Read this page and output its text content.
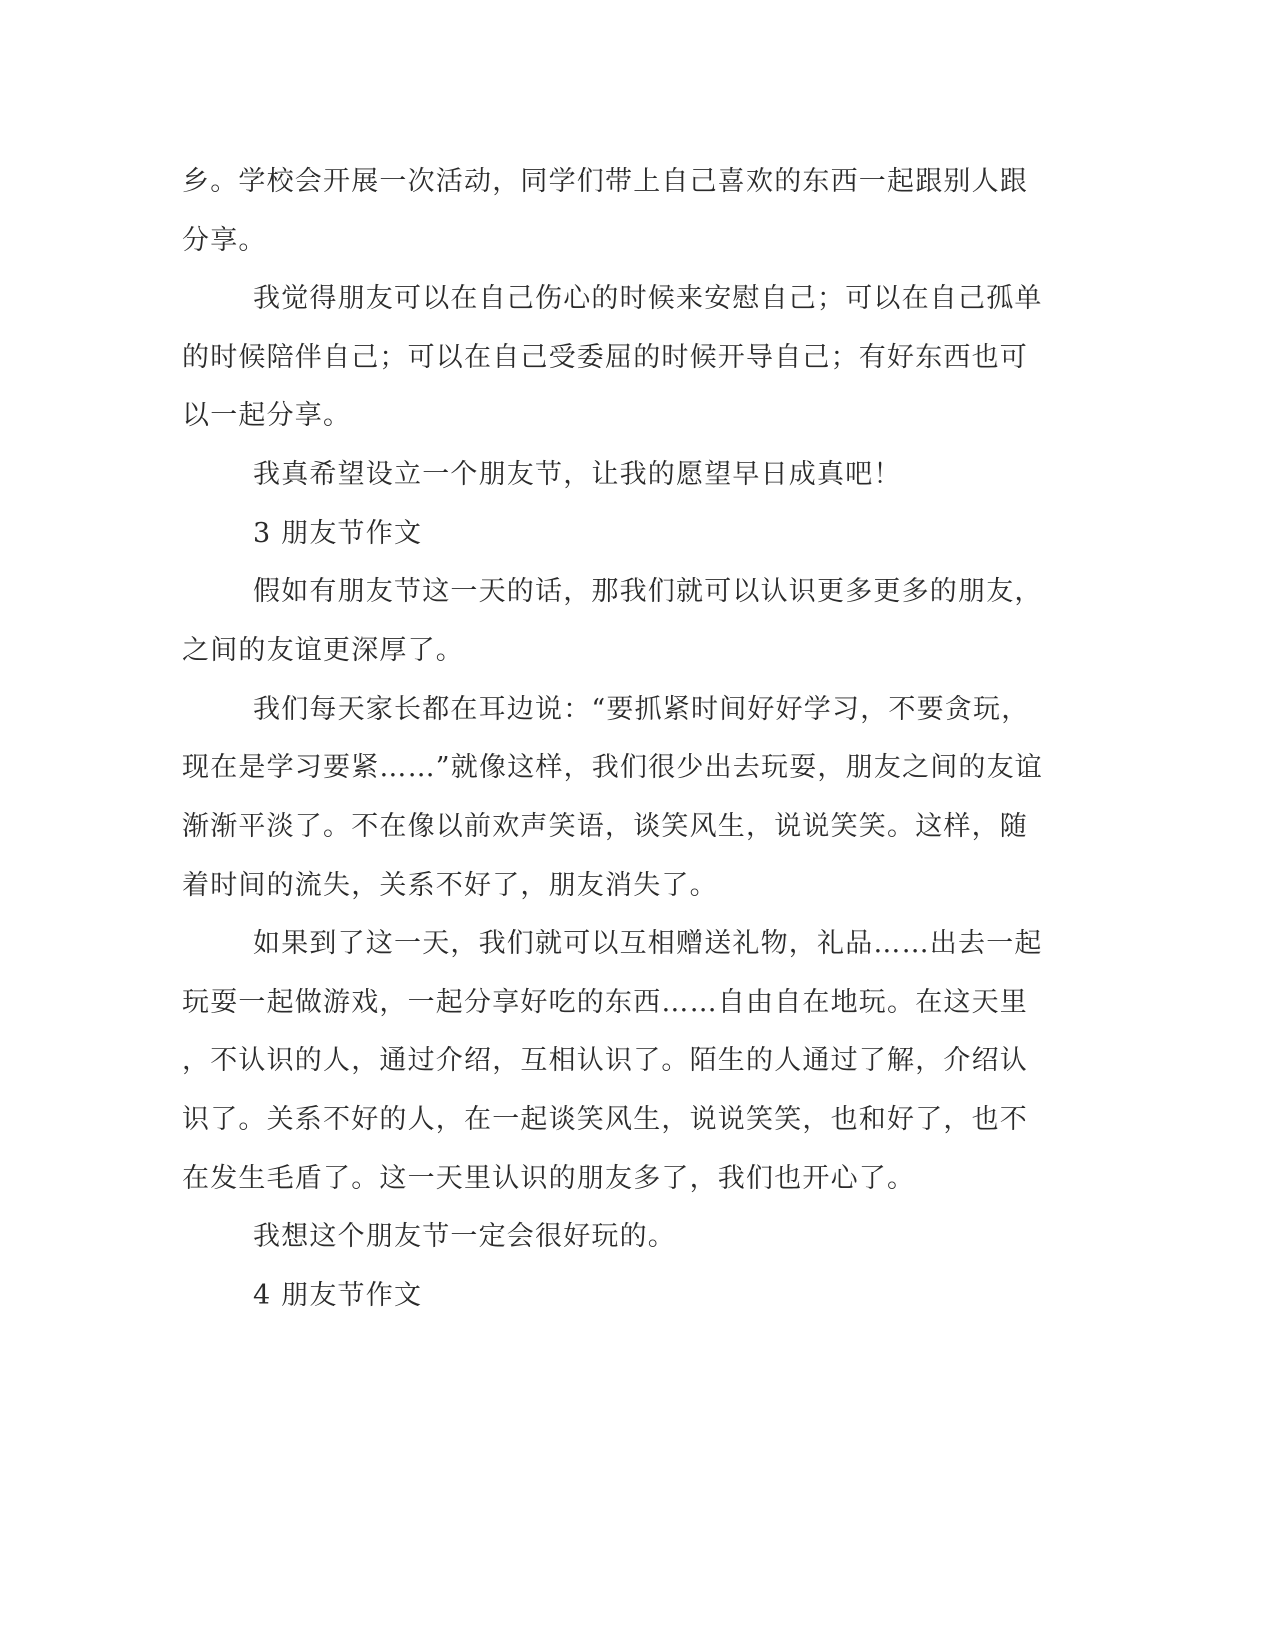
乡。学校会开展一次活动，同学们带上自己喜欢的东西一起跟别人跟
分享。
我觉得朋友可以在自己伤心的时候来安慰自己；可以在自己孤单
的时候陪伴自己；可以在自己受委屈的时候开导自己；有好东西也可
以一起分享。
我真希望设立一个朋友节，让我的愿望早日成真吧！
3 朋友节作文
假如有朋友节这一天的话，那我们就可以认识更多更多的朋友，
之间的友谊更深厚了。
我们每天家长都在耳边说：“要抓紧时间好好学习，不要贪玩，
现在是学习要紧……”就像这样，我们很少出去玩耍，朋友之间的友谊
渐渐平淡了。不在像以前欢声笑语，谈笑风生，说说笑笑。这样，随
着时间的流失，关系不好了，朋友消失了。
如果到了这一天，我们就可以互相赠送礼物，礼品……出去一起
玩耍一起做游戏，一起分享好吃的东西……自由自在地玩。在这天里
，不认识的人，通过介绍，互相认识了。陌生的人通过了解，介绍认
识了。关系不好的人，在一起谈笑风生，说说笑笑，也和好了，也不
在发生毛盾了。这一天里认识的朋友多了，我们也开心了。
我想这个朋友节一定会很好玩的。
4 朋友节作文
